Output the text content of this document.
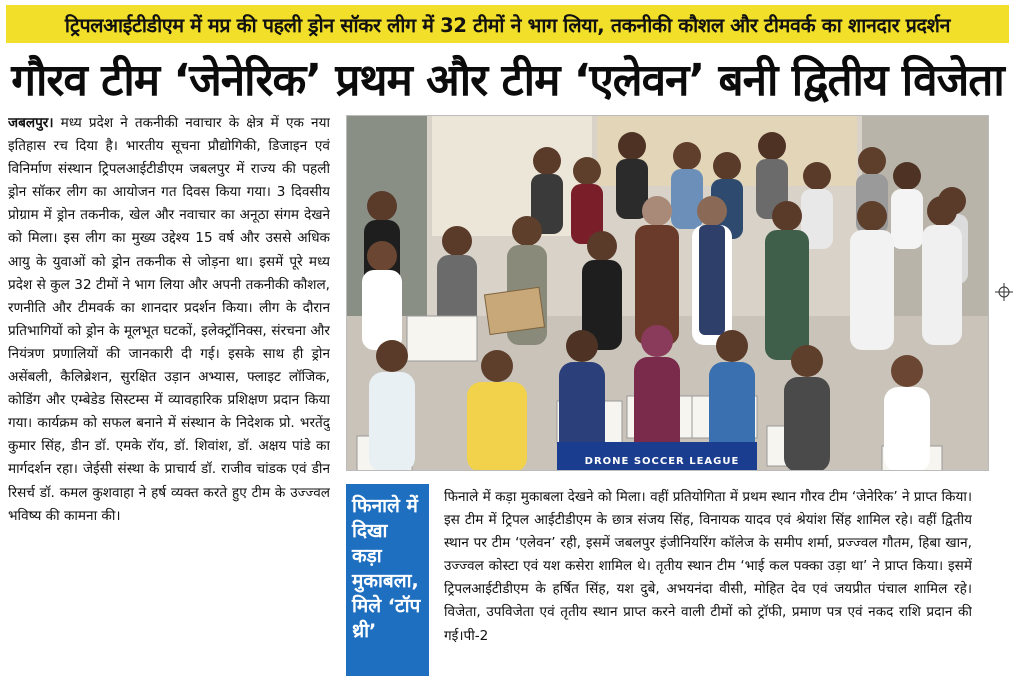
ट्रिपलआईटीडीएम में मप्र की पहली ड्रोन सॉकर लीग में 32 टीमों ने भाग लिया, तकनीकी कौशल और टीमवर्क का शानदार प्रदर्शन
गौरव टीम ‘जेनेरिक’ प्रथम और टीम ‘एलेवन’ बनी द्वितीय विजेता
जबलपुर। मध्य प्रदेश ने तकनीकी नवाचार के क्षेत्र में एक नया इतिहास रच दिया है। भारतीय सूचना प्रौद्योगिकी, डिजाइन एवं विनिर्माण संस्थान ट्रिपलआईटीडीएम जबलपुर में राज्य की पहली ड्रोन सॉकर लीग का आयोजन गत दिवस किया गया। 3 दिवसीय प्रोग्राम में ड्रोन तकनीक, खेल और नवाचार का अनूठा संगम देखने को मिला। इस लीग का मुख्य उद्देश्य 15 वर्ष और उससे अधिक आयु के युवाओं को ड्रोन तकनीक से जोड़ना था। इसमें पूरे मध्य प्रदेश से कुल 32 टीमों ने भाग लिया और अपनी तकनीकी कौशल, रणनीति और टीमवर्क का शानदार प्रदर्शन किया। लीग के दौरान प्रतिभागियों को ड्रोन के मूलभूत घटकों, इलेक्ट्रॉनिक्स, संरचना और नियंत्रण प्रणालियों की जानकारी दी गई। इसके साथ ही ड्रोन असेंबली, कैलिब्रेशन, सुरक्षित उड़ान अभ्यास, फ्लाइट लॉजिक, कोडिंग और एम्बेडेड सिस्टम्स में व्यावहारिक प्रशिक्षण प्रदान किया गया। कार्यक्रम को सफल बनाने में संस्थान के निदेशक प्रो. भरतेंदु कुमार सिंह, डीन डॉ. एमके रॉय, डॉ. शिवांश, डॉ. अक्षय पांडे का मार्गदर्शन रहा। जेईसी संस्था के प्राचार्य डॉ. राजीव चांडक एवं डीन रिसर्च डॉ. कमल कुशवाहा ने हर्ष व्यक्त करते हुए टीम के उज्ज्वल भविष्य की कामना की।
DRONE SOCCER LEAGUE
फिनाले में दिखा कड़ा मुकाबला, मिले ‘टॉप थ्री’
फिनाले में कड़ा मुकाबला देखने को मिला। वहीं प्रतियोगिता में प्रथम स्थान गौरव टीम ‘जेनेरिक’ ने प्राप्त किया। इस टीम में ट्रिपल आईटीडीएम के छात्र संजय सिंह, विनायक यादव एवं श्रेयांश सिंह शामिल रहे। वहीं द्वितीय स्थान पर टीम ‘एलेवन’ रही, इसमें जबलपुर इंजीनियरिंग कॉलेज के समीप शर्मा, प्रज्ज्वल गौतम, हिबा खान, उज्ज्वल कोस्टा एवं यश कसेरा शामिल थे। तृतीय स्थान टीम ‘भाई कल पक्का उड़ा था’ ने प्राप्त किया। इसमें ट्रिपलआईटीडीएम के हर्षित सिंह, यश दुबे, अभयनंदा वीसी, मोहित देव एवं जयप्रीत पंचाल शामिल रहे। विजेता, उपविजेता एवं तृतीय स्थान प्राप्त करने वाली टीमों को ट्रॉफी, प्रमाण पत्र एवं नकद राशि प्रदान की गई।पी-2
